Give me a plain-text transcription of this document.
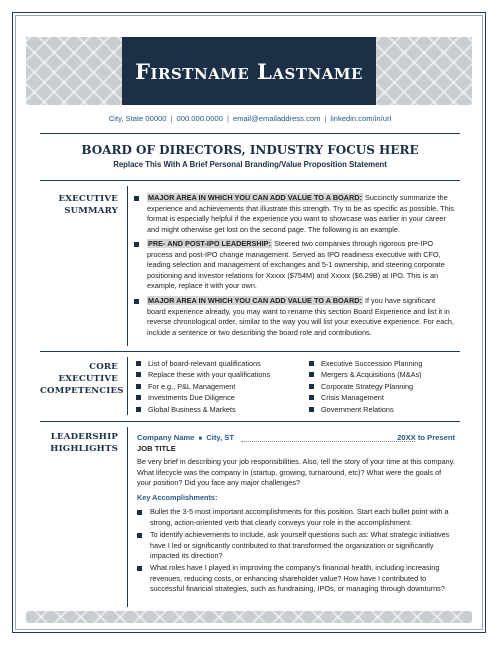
Firstname Lastname
City, State 00000 | 000.000.0000 | email@emailaddress.com | linkedin.com/in/url
BOARD OF DIRECTORS, INDUSTRY FOCUS HERE
Replace This With A Brief Personal Branding/Value Proposition Statement
EXECUTIVE
SUMMARY
MAJOR AREA IN WHICH YOU CAN ADD VALUE TO A BOARD: Succinctly summarize the experience and achievements that illustrate this strength. Try to be as specific as possible. This format is especially helpful if the experience you want to showcase was earlier in your career and might otherwise get lost on the second page. The following is an example.
PRE- AND POST-IPO LEADERSHIP: Steered two companies through rigorous pre-IPO process and post-IPO change management. Served as IPO readiness executive with CFO, leading selection and management of exchanges and 5-1 ownership, and steering corporate positioning and investor relations for Xxxxx ($754M) and Xxxxx ($6.29B) at IPO. This is an example, replace it with your own.
MAJOR AREA IN WHICH YOU CAN ADD VALUE TO A BOARD: If you have significant board experience already, you may want to rename this section Board Experience and list it in reverse chronological order, similar to the way you will list your executive experience. For each, include a sentence or two describing the board role and contributions.
CORE EXECUTIVE
COMPETENCIES
List of board-relevant qualifications
Replace these with your qualifications
For e.g., P&L Management
Investments Due Diligence
Global Business & Markets
Executive Succession Planning
Mergers & Acquisitions (M&As)
Corporate Strategy Planning
Crisis Management
Government Relations
LEADERSHIP
HIGHLIGHTS
Company Name ■ City, ST	20XX to Present
JOB TITLE
Be very brief in describing your job responsibilities. Also, tell the story of your time at this company. What lifecycle was the company in (startup, growing, turnaround, etc)? What were the goals of your position? Did you face any major challenges?
Key Accomplishments:
Bullet the 3-5 most important accomplishments for this position. Start each bullet point with a strong, action-oriented verb that clearly conveys your role in the accomplishment.
To identify achievements to include, ask yourself questions such as: What strategic initiatives have I led or significantly contributed to that transformed the organization or significantly impacted its direction?
What roles have I played in improving the company's financial health, including increasing revenues, reducing costs, or enhancing shareholder value? How have I contributed to successful financial strategies, such as fundraising, IPOs, or managing through downturns?
